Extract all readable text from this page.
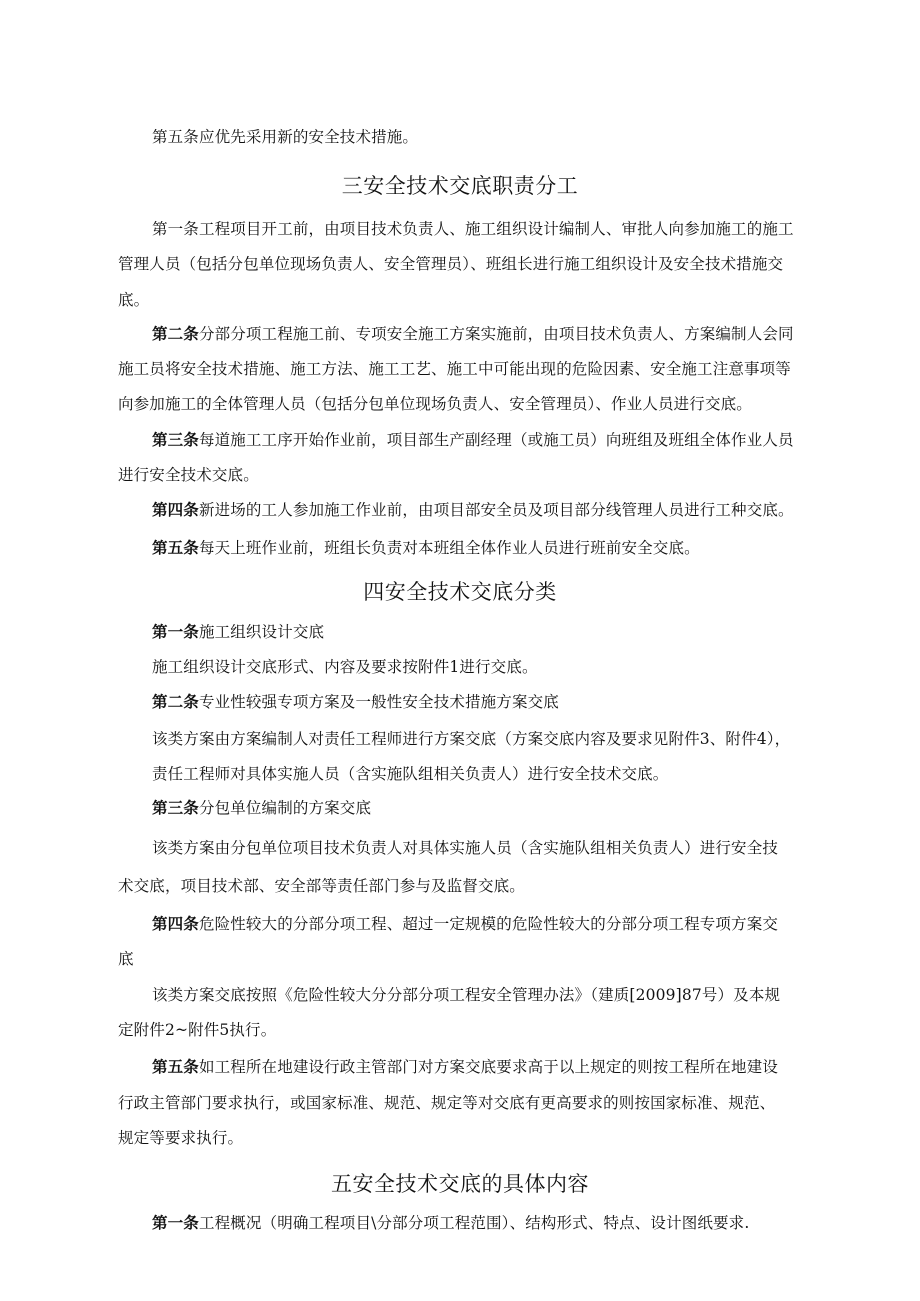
第五条应优先采用新的安全技术措施。
三安全技术交底职责分工
第一条工程项目开工前，由项目技术负责人、施工组织设计编制人、审批人向参加施工的施工
管理人员（包括分包单位现场负责人、安全管理员）、班组长进行施工组织设计及安全技术措施交
底。
第二条分部分项工程施工前、专项安全施工方案实施前，由项目技术负责人、方案编制人会同
施工员将安全技术措施、施工方法、施工工艺、施工中可能出现的危险因素、安全施工注意事项等
向参加施工的全体管理人员（包括分包单位现场负责人、安全管理员）、作业人员进行交底。
第三条每道施工工序开始作业前，项目部生产副经理（或施工员）向班组及班组全体作业人员
进行安全技术交底。
第四条新进场的工人参加施工作业前，由项目部安全员及项目部分线管理人员进行工种交底。
第五条每天上班作业前，班组长负责对本班组全体作业人员进行班前安全交底。
四安全技术交底分类
第一条施工组织设计交底
施工组织设计交底形式、内容及要求按附件1进行交底。
第二条专业性较强专项方案及一般性安全技术措施方案交底
该类方案由方案编制人对责任工程师进行方案交底（方案交底内容及要求见附件3、附件4），
责任工程师对具体实施人员（含实施队组相关负责人）进行安全技术交底。
第三条分包单位编制的方案交底
该类方案由分包单位项目技术负责人对具体实施人员（含实施队组相关负责人）进行安全技
术交底，项目技术部、安全部等责任部门参与及监督交底。
第四条危险性较大的分部分项工程、超过一定规模的危险性较大的分部分项工程专项方案交
底
该类方案交底按照《危险性较大分分部分项工程安全管理办法》（建质[2009]87号）及本规
定附件2~附件5执行。
第五条如工程所在地建设行政主管部门对方案交底要求高于以上规定的则按工程所在地建设
行政主管部门要求执行，或国家标准、规范、规定等对交底有更高要求的则按国家标准、规范、
规定等要求执行。
五安全技术交底的具体内容
第一条工程概况（明确工程项目\分部分项工程范围）、结构形式、特点、设计图纸要求.
